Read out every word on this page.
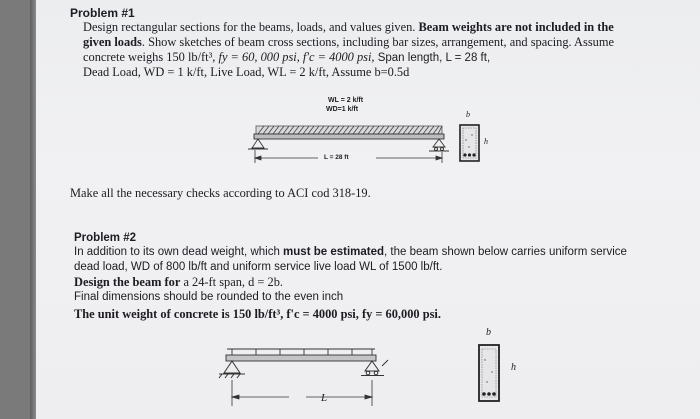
Problem #1
Design rectangular sections for the beams, loads, and values given. Beam weights are not included in the
given loads. Show sketches of beam cross sections, including bar sizes, arrangement, and spacing. Assume
concrete weighs 150 lb/ft³, fy = 60, 000 psi, f'c = 4000 psi, Span length, L = 28 ft,
Dead Load, WD = 1 k/ft, Live Load, WL = 2 k/ft, Assume b=0.5d
WL = 2 k/ft
WD=1 k/ft
L = 28 ft
b
h
Make all the necessary checks according to ACI cod 318-19.
Problem #2
In addition to its own dead weight, which must be estimated, the beam shown below carries uniform service
dead load, WD of 800 lb/ft and uniform service live load WL of 1500 lb/ft.
Design the beam for a 24-ft span, d = 2b.
Final dimensions should be rounded to the even inch
The unit weight of concrete is 150 lb/ft³, f'c = 4000 psi, fy = 60,000 psi.
L
b
h
